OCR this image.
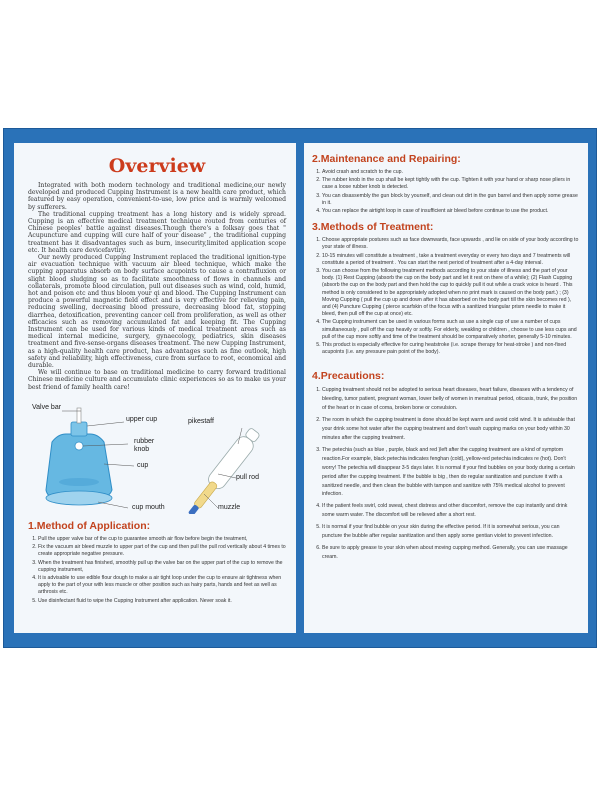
Overview

Integrated with both modern technology and traditional medicine,our newly developed and produced Cupping Instrument is a new health care product, which featured by easy operation, convenient-to-use, low price and is warmly welcomed by sufferers.

The traditional cupping treatment has a long history and is widely spread. Cupping is an effective medical treatment technique routed from centuries of Chinese peoples' battle against diseases.Though there's a folksay goes that " Acupuncture and cupping will cure half of your disease" , the traditional cupping treatment has it disadvantages such as burn, insecurity,limited application scope etc. It health care devicefavtiry.

Our newly produced Cupping Instrument replaced the traditional ignition-type air evacuation technique with vacuum air bleed technique, which make the cupping apparatus absorb on body surface acupoints to cause a contrafluxion or slight blood sludging so as to facilitate smoothness of flows in channels and collaterals, promote blood circulation, pull out diseases such as wind, cold, humid, hot and poison etc and thus bloom your qi and blood. The Cupping Instrument can produce a powerful magnetic field effect and is very effective for relieving pain, reducing swelling, decreasing blood pressure, decreasing blood fat, stopping diarrhea, detoxification, preventing cancer cell from proliferation, as well as other efficacies such as removing accumulated fat and keeping fit. The Cupping Instrument can be used for various kinds of medical treatment areas such as medical internal medicine, surgery, gynaecology, pediatrics, skin diseases treatment and five-sense-organs diseases treatment. The new Cupping Instrument, as a high-quality health care product, has advantages such as fine outlook, high safety and reliability, high effectiveness, cure from surface to root, economical and durable.

We will continue to base on traditional medicine to carry forward traditional Chinese medicine culture and accumulate clinic experiences so as to make us your best friend of family health care!

Valve bar
upper cup
rubber
knob
cup
cup mouth
pikestaff
pull rod
muzzle
1.Method of Application:
1. Pull the upper valve bar of the cup to guarantee smooth air flow before begin the treatment,
2. Fix the vacuum air bleed muzzle to upper part of the cup and then pull the pull rod vertically about 4 times to create appropriate negative pressure.
3. When the treatment has finished, smoothly pull up the valve bar on the upper part of the cup to remove the cupping instrument,
4. It is advisable to use edible flour dough to make a air tight loop under the cup to ensure air tightness when apply to the part of your with less muscle or other position such as hairy parts, hands and feet as well as arthrosis etc.
5. Use disinfectant fluid to wipe the Cupping Instrument after application. Never soak it.
2.Maintenance and Repairing:
1. Avoid crash and scratch to the cup.
2. The rubber knob in the cup shall be kept tightly with the cup. Tighten it with your hand or sharp nose pliers in case a loose rubber knob is detected.
3. You can disassembly the gun block by yourself, and clean out dirt in the gun barrel and then apply some grease in it.
4. You can replace the airtight loop in case of insufficient air bleed before continue to use the product.
3.Methods of Treatment:
1. Choose appropriate postures such as face downwards, face upwards , and lie on side of your body according to your state of illness.
2. 10-15 minutes will constitute a treatment , take a treatment everyday or every two days and 7 treatments will constitute a period of treatment . You can start the next period of treatment after a 4-day interval.
3. You can choose from the following treatment methods according to your state of illness and the part of your body. (1) Rest Cupping (absorb the cup on the body part and let it rest on there of a while); (2) Flash Cupping (absorb the cup on the body part and then hold the cup to quickly pull it out while a crack voice is heard . This method is only considered to be appropriately adopted when no print mark is caused on the body part.) ; (3) Moving Cupping ( pull the cup up and down after it has absorbed on the body part till the skin becomes red ), and (4) Puncture Cupping ( pierce scarfskin of the focus with a sanitized triangular prism needle to make it bleed, then pull off the cup at once) etc.
4. The Cupping instrument can be used in various forms such as use a single cup of use a number of cups simultaneously , pull off the cup heavily or softly. For elderly, weakling or children , choose to use less cups and pull of the cup more softly and time of the treatment should be comparatively shorter, generally 5-10 minutes.
5. This product is especially effective for curing heatstroke (i.e. scrape therapy for heat-stroke ) and non-fixed acupoints (i.e. any pressure pain point of the body).
4.Precautions:
1. Cupping treatment should not be adopted to serious heart diseases, heart failure, diseases with a tendency of bleeding, tumor patient, pregnant woman, lower belly of women in menstrual period, oticasis, trunk, the position of the heart or in case of coma, broken bone or convulsion.
2. The room in which the cupping treatment is done should be kept warm and avoid cold wind. It is advisable that your drink some hot water after the cupping treatment and don't wash cupping marks on your body within 30 minutes after the cupping treatment.
3. The petechia (such as blue , purple, black and red )left after the cupping treatment are a kind of symptom reaction.For example, black petechia indicates fenghan (cold), yellow-red petechia indicates re (hot). Don't worry! The petechia will disappear 3-5 days later. It is normal if your find bubbles on your body during a certain period after the cupping treatment. If the bubble is big , then do regular sanitization and puncture it with a sanitized needle, and then clean the bubble with tampon and sanitize with 75% medical alcohol to prevent infection.
4. If the patient feels swirl, cold sweat, chest distress and other discomfort, remove the cup instantly and drink some warm water. The discomfort will be relieved after a short rest.
5. It is normal if your find bubble on your skin during the effective period. If it is somewhat serious, you can puncture the bubble after regular sanitization and then apply some gentian violet to prevent infection.
6. Be sure to apply grease to your skin when about moving cupping method. Generally, you can use massage cream.
